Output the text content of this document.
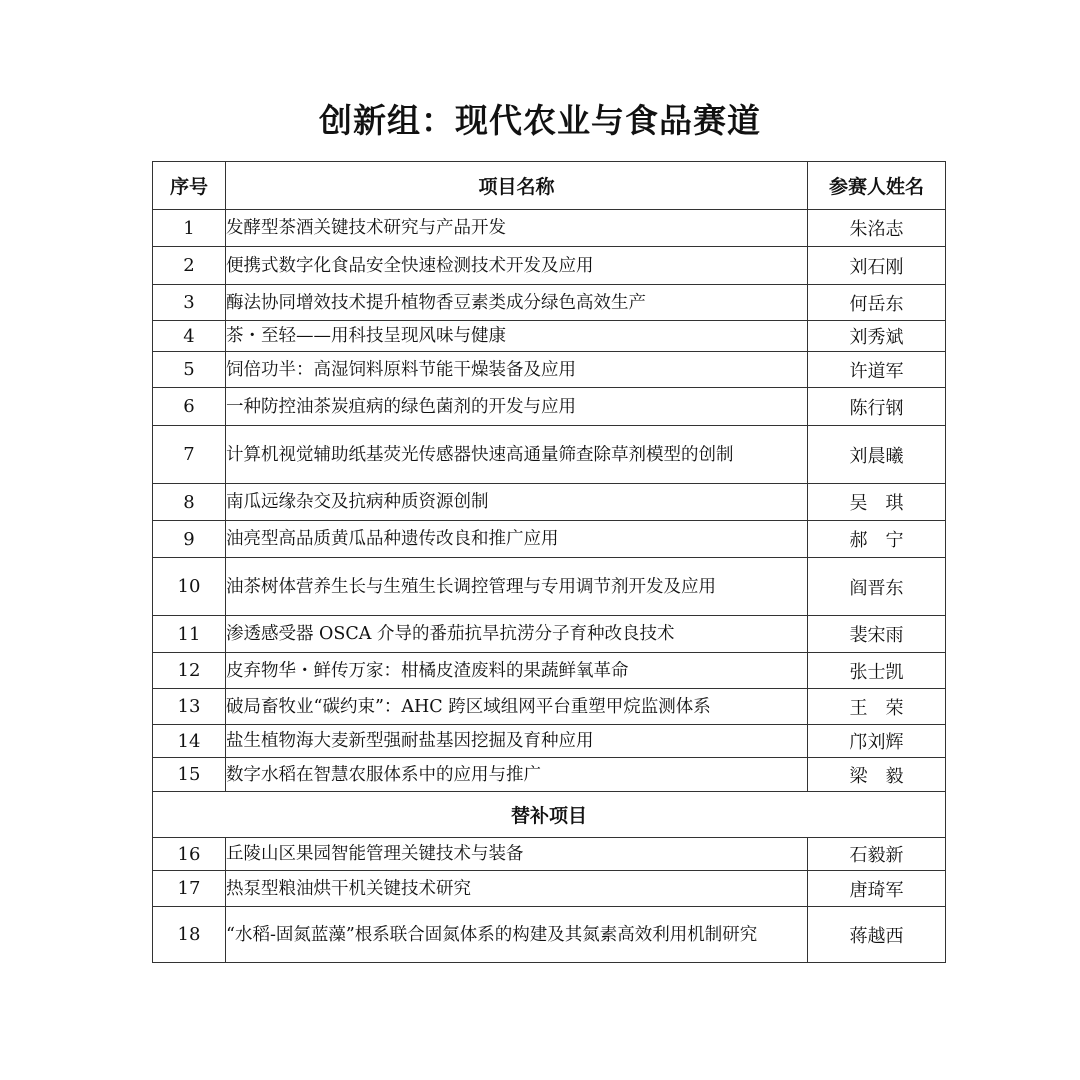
创新组：现代农业与食品赛道
序号	项目名称	参赛人姓名
1	发酵型茶酒关键技术研究与产品开发	朱洺志
2	便携式数字化食品安全快速检测技术开发及应用	刘石刚
3	酶法协同增效技术提升植物香豆素类成分绿色高效生产	何岳东
4	茶・至轻——用科技呈现风味与健康	刘秀斌
5	饲倍功半：高湿饲料原料节能干燥装备及应用	许道军
6	一种防控油茶炭疽病的绿色菌剂的开发与应用	陈行钢
7	计算机视觉辅助纸基荧光传感器快速高通量筛查除草剂模型的创制	刘晨曦
8	南瓜远缘杂交及抗病种质资源创制	吴　琪
9	油亮型高品质黄瓜品种遗传改良和推广应用	郝　宁
10	油茶树体营养生长与生殖生长调控管理与专用调节剂开发及应用	阎晋东
11	渗透感受器 OSCA 介导的番茄抗旱抗涝分子育种改良技术	裴宋雨
12	皮弃物华・鲜传万家：柑橘皮渣废料的果蔬鲜氧革命	张士凯
13	破局畜牧业“碳约束”：AHC 跨区域组网平台重塑甲烷监测体系	王　荣
14	盐生植物海大麦新型强耐盐基因挖掘及育种应用	邝刘辉
15	数字水稻在智慧农服体系中的应用与推广	梁　毅
替补项目		
16	丘陵山区果园智能管理关键技术与装备	石毅新
17	热泵型粮油烘干机关键技术研究	唐琦军
18	“水稻-固氮蓝藻”根系联合固氮体系的构建及其氮素高效利用机制研究	蒋越西
